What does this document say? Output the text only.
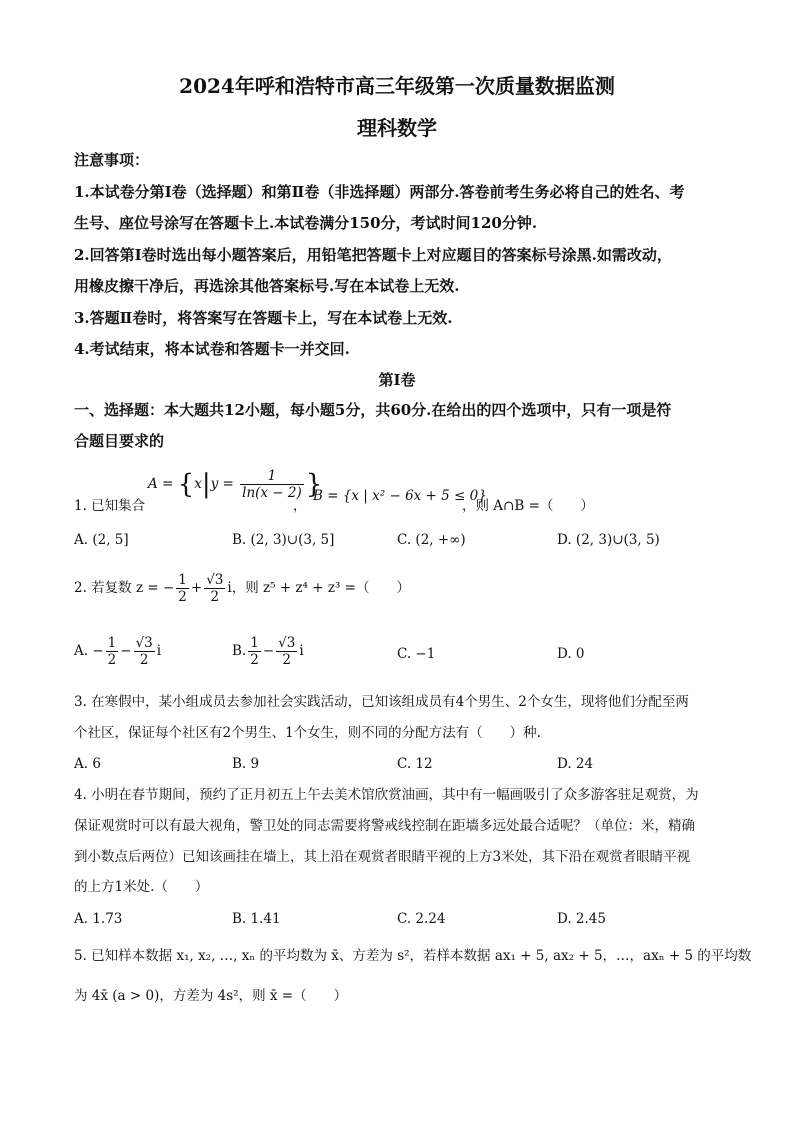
2024年呼和浩特市高三年级第一次质量数据监测
理科数学
注意事项：
1.本试卷分第Ⅰ卷（选择题）和第Ⅱ卷（非选择题）两部分.答卷前考生务必将自己的姓名、考
生号、座位号涂写在答题卡上.本试卷满分150分，考试时间120分钟.
2.回答第Ⅰ卷时选出每小题答案后，用铅笔把答题卡上对应题目的答案标号涂黑.如需改动，
用橡皮擦干净后，再选涂其他答案标号.写在本试卷上无效.
3.答题Ⅱ卷时，将答案写在答题卡上，写在本试卷上无效.
4.考试结束，将本试卷和答题卡一并交回.
第Ⅰ卷
一、选择题：本大题共12小题，每小题5分，共60分.在给出的四个选项中，只有一项是符
合题目要求的
1. 已知集合
$A = \{x|y = \frac{1}{\ln(x - 2)}$ }
，
B = {x | x² − 6x + 5 ≤ 0}
，则 A∩B =（　　）
A. (2, 5]	B. (2, 3)∪(3, 5]	C. (2, +∞)	D. (2, 3)∪(3, 5)
2. 若复数 z = − $\frac{1}{2} + \frac{√3}{2}$ i，则 z⁵ + z⁴ + z³ =（　　）
A. − $\frac{1}{2} - \frac{√3}{2}$ i	B. $\frac{1}{2} - \frac{√3}{2}$ i	C. −1	D. 0
3. 在寒假中，某小组成员去参加社会实践活动，已知该组成员有4个男生、2个女生，现将他们分配至两
个社区，保证每个社区有2个男生、1个女生，则不同的分配方法有（　　）种.
A. 6	B. 9	C. 12	D. 24
4. 小明在春节期间，预约了正月初五上午去美术馆欣赏油画，其中有一幅画吸引了众多游客驻足观赏，为
保证观赏时可以有最大视角，警卫处的同志需要将警戒线控制在距墙多远处最合适呢？（单位：米，精确
到小数点后两位）已知该画挂在墙上，其上沿在观赏者眼睛平视的上方3米处，其下沿在观赏者眼睛平视
的上方1米处.（　　）
A. 1.73	B. 1.41	C. 2.24	D. 2.45
5. 已知样本数据 x₁, x₂, …, xₙ 的平均数为 x̄、方差为 s²，若样本数据 ax₁ + 5, ax₂ + 5，…，axₙ + 5 的平均数
为 4x̄ (a > 0)，方差为 4s²，则 x̄ =（　　）
